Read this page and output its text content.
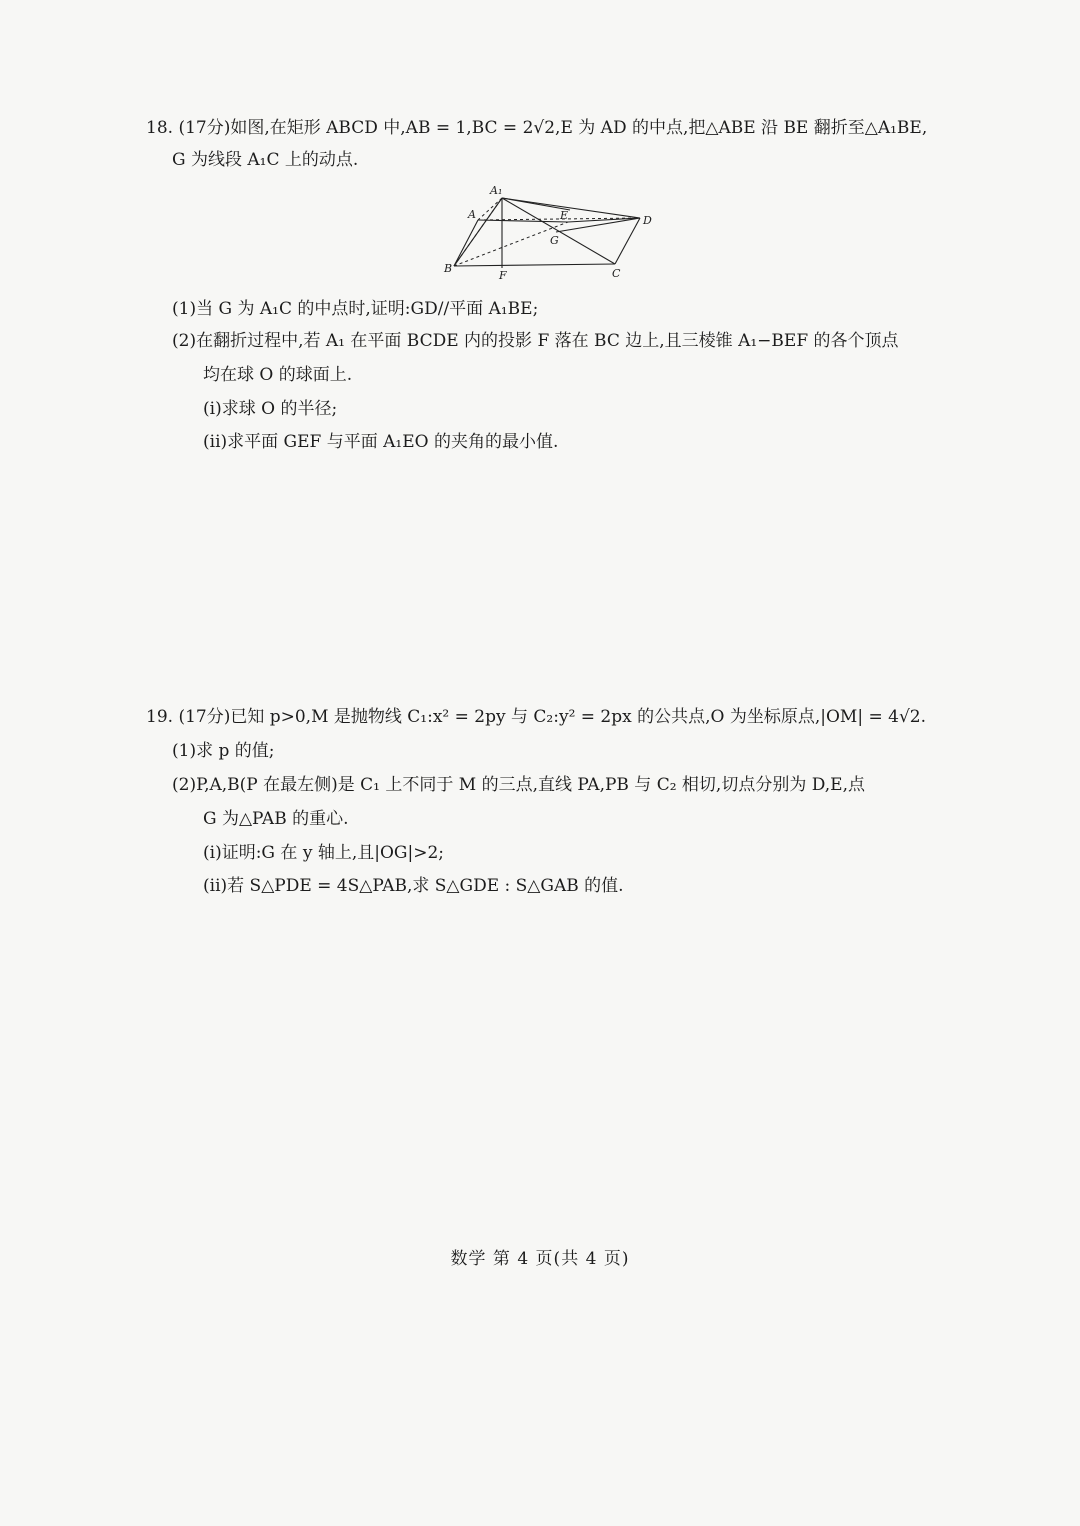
18. (17分)如图,在矩形 ABCD 中,AB = 1,BC = 2√2,E 为 AD 的中点,把△ABE 沿 BE 翻折至△A₁BE,
G 为线段 A₁C 上的动点.
A₁
A	E	D
G
B
F	C
(1)当 G 为 A₁C 的中点时,证明:GD//平面 A₁BE;
(2)在翻折过程中,若 A₁ 在平面 BCDE 内的投影 F 落在 BC 边上,且三棱锥 A₁−BEF 的各个顶点
均在球 O 的球面上.
(i)求球 O 的半径;
(ii)求平面 GEF 与平面 A₁EO 的夹角的最小值.
19. (17分)已知 p>0,M 是抛物线 C₁:x² = 2py 与 C₂:y² = 2px 的公共点,O 为坐标原点,|OM| = 4√2.
(1)求 p 的值;
(2)P,A,B(P 在最左侧)是 C₁ 上不同于 M 的三点,直线 PA,PB 与 C₂ 相切,切点分别为 D,E,点
G 为△PAB 的重心.
(i)证明:G 在 y 轴上,且|OG|>2;
(ii)若 S△PDE = 4S△PAB,求 S△GDE : S△GAB 的值.
数学 第 4 页(共 4 页)
